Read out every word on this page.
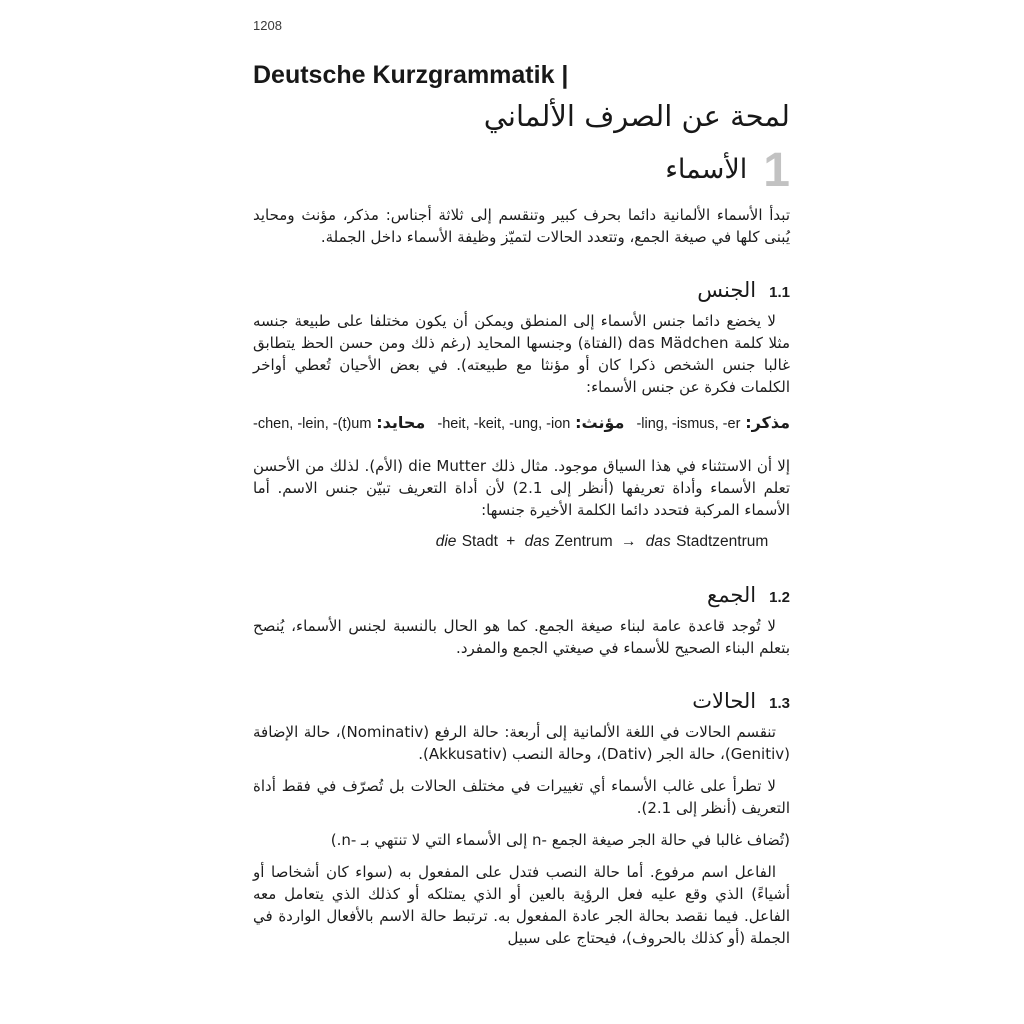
1208
Deutsche Kurzgrammatik |
لمحة عن الصرف الألماني
1
الأسماء

تبدأ الأسماء الألمانية دائما بحرف كبير وتنقسم إلى ثلاثة أجناس: مذكر، مؤنث ومحايد يُبنى كلها في صيغة الجمع، وتتعدد الحالات لتميّز وظيفة الأسماء داخل الجملة.

1.1
الجنس

لا يخضع دائما جنس الأسماء إلى المنطق ويمكن أن يكون مختلفا على طبيعة جنسه مثلا كلمة das Mädchen (الفتاة) وجنسها المحايد (رغم ذلك ومن حسن الحظ يتطابق غالبا جنس الشخص ذكرا كان أو مؤنثا مع طبيعته). في بعض الأحيان تُعطي أواخر الكلمات فكرة عن جنس الأسماء:

مذكر: -ling, -ismus, -er
مؤنث: -heit, -keit, -ung, -ion
محايد: -chen, -lein, -(t)um

إلا أن الاستثناء في هذا السياق موجود. مثال ذلك die Mutter (الأم). لذلك من الأحسن تعلم الأسماء وأداة تعريفها (أنظر إلى 2.1) لأن أداة التعريف تبيّن جنس الاسم. أما الأسماء المركبة فتحدد دائما الكلمة الأخيرة جنسها:

die Stadt + das Zentrum → das Stadtzentrum
1.2
الجمع

لا تُوجد قاعدة عامة لبناء صيغة الجمع. كما هو الحال بالنسبة لجنس الأسماء، يُنصح بتعلم البناء الصحيح للأسماء في صيغتي الجمع والمفرد.

1.3
الحالات

تنقسم الحالات في اللغة الألمانية إلى أربعة: حالة الرفع (Nominativ)، حالة الإضافة (Genitiv)، حالة الجر (Dativ)، وحالة النصب (Akkusativ).

لا تطرأ على غالب الأسماء أي تغييرات في مختلف الحالات بل تُصرّف في فقط أداة التعريف (أنظر إلى 2.1).

(تُضاف غالبا في حالة الجر صيغة الجمع -n إلى الأسماء التي لا تنتهي بـ -n.)

الفاعل اسم مرفوع. أما حالة النصب فتدل على المفعول به (سواء كان أشخاصا أو أشياءً) الذي وقع عليه فعل الرؤية بالعين أو الذي يمتلكه أو كذلك الذي يتعامل معه الفاعل. فيما نقصد بحالة الجر عادة المفعول به. ترتبط حالة الاسم بالأفعال الواردة في الجملة (أو كذلك بالحروف)، فيحتاج على سبيل
